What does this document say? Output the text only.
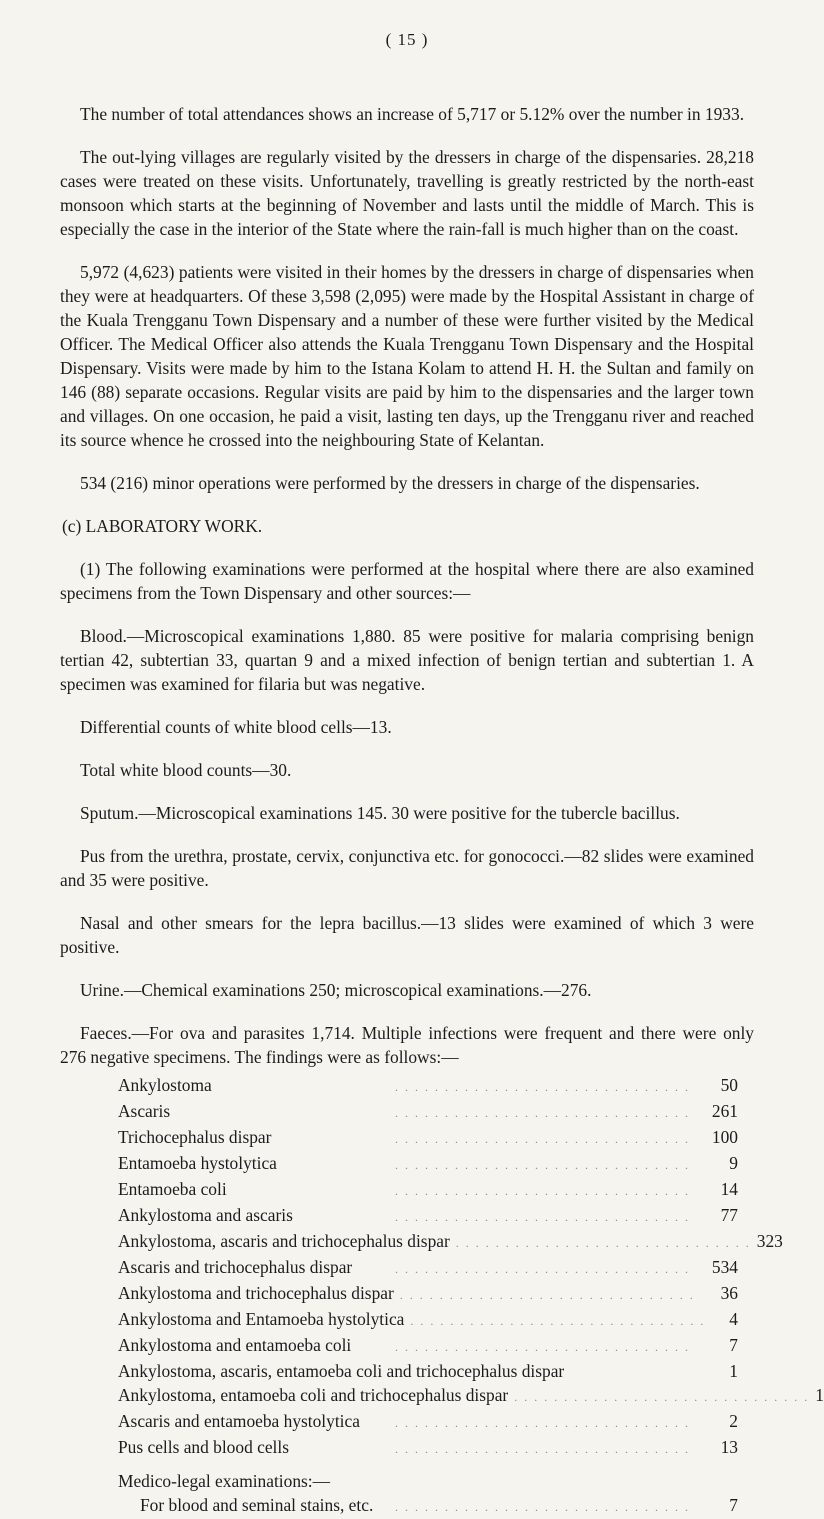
( 15 )

The number of total attendances shows an increase of 5,717 or 5.12% over the number in 1933.

The out-lying villages are regularly visited by the dressers in charge of the dispensaries. 28,218 cases were treated on these visits. Unfortunately, travelling is greatly restricted by the north-east monsoon which starts at the beginning of November and lasts until the middle of March. This is especially the case in the interior of the State where the rain-fall is much higher than on the coast.

5,972 (4,623) patients were visited in their homes by the dressers in charge of dispensaries when they were at headquarters. Of these 3,598 (2,095) were made by the Hospital Assistant in charge of the Kuala Trengganu Town Dispensary and a number of these were further visited by the Medical Officer. The Medical Officer also attends the Kuala Trengganu Town Dispensary and the Hospital Dispensary. Visits were made by him to the Istana Kolam to attend H. H. the Sultan and family on 146 (88) separate occasions. Regular visits are paid by him to the dispensaries and the larger town and villages. On one occasion, he paid a visit, lasting ten days, up the Trengganu river and reached its source whence he crossed into the neighbouring State of Kelantan.

534 (216) minor operations were performed by the dressers in charge of the dispensaries.

(c) LABORATORY WORK.

(1) The following examinations were performed at the hospital where there are also examined specimens from the Town Dispensary and other sources:—

Blood.—Microscopical examinations 1,880. 85 were positive for malaria comprising benign tertian 42, subtertian 33, quartan 9 and a mixed infection of benign tertian and subtertian 1. A specimen was examined for filaria but was negative.

Differential counts of white blood cells—13.

Total white blood counts—30.

Sputum.—Microscopical examinations 145. 30 were positive for the tubercle bacillus.

Pus from the urethra, prostate, cervix, conjunctiva etc. for gonococci.—82 slides were examined and 35 were positive.

Nasal and other smears for the lepra bacillus.—13 slides were examined of which 3 were positive.

Urine.—Chemical examinations 250; microscopical examinations.—276.

Faeces.—For ova and parasites 1,714. Multiple infections were frequent and there were only 276 negative specimens. The findings were as follows:—

Ankylostoma	. . . . . . . . . . . . . . . . . . . . . . . . . . . . . .	50
Ascaris	. . . . . . . . . . . . . . . . . . . . . . . . . . . . . .	261
Trichocephalus dispar	. . . . . . . . . . . . . . . . . . . . . . . . . . . . . .	100
Entamoeba hystolytica	. . . . . . . . . . . . . . . . . . . . . . . . . . . . . .	9
Entamoeba coli	. . . . . . . . . . . . . . . . . . . . . . . . . . . . . .	14
Ankylostoma and ascaris	. . . . . . . . . . . . . . . . . . . . . . . . . . . . . .	77
Ankylostoma, ascaris and trichocephalus dispar . . . . . . . . . . . . . . . . . . . . . . . . . . . . . . 323
Ascaris and trichocephalus dispar	. . . . . . . . . . . . . . . . . . . . . . . . . . . . . .	534
Ankylostoma and trichocephalus dispar . . . . . . . . . . . . . . . . . . . . . . . . . . . . . .	36
Ankylostoma and Entamoeba hystolytica . . . . . . . . . . . . . . . . . . . . . . . . . . . . . .	4
Ankylostoma and entamoeba coli	. . . . . . . . . . . . . . . . . . . . . . . . . . . . . .	7
Ankylostoma, ascaris, entamoeba coli and trichocephalus dispar	1
Ankylostoma, entamoeba coli and trichocephalus dispar . . . . . . . . . . . . . . . . . . . . . . . . . . . . . . 1
Ascaris and entamoeba hystolytica	. . . . . . . . . . . . . . . . . . . . . . . . . . . . . .	2
Pus cells and blood cells	. . . . . . . . . . . . . . . . . . . . . . . . . . . . . .	13
Medico-legal examinations:—
For blood and seminal stains, etc.	. . . . . . . . . . . . . . . . . . . . . . . . . . . . . .	7
